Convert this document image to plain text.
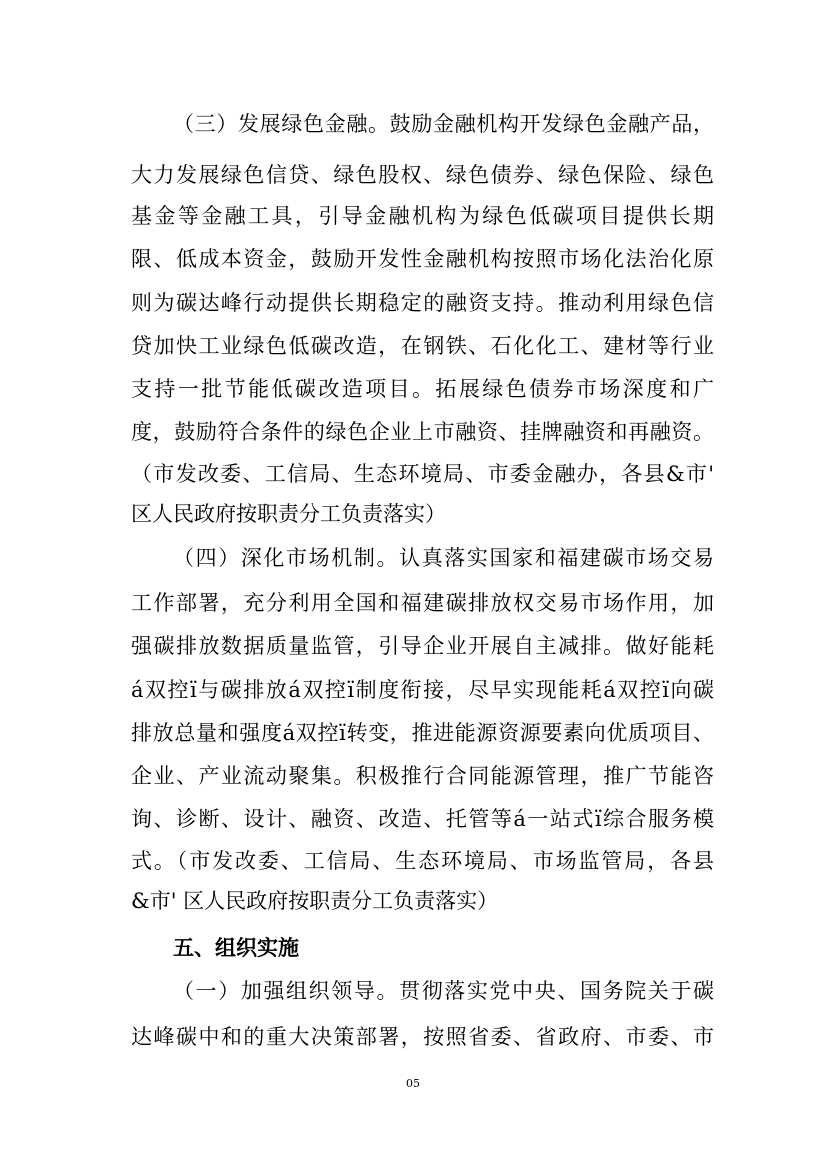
（三）发展绿色金融。鼓励金融机构开发绿色金融产品，
大力发展绿色信贷、绿色股权、绿色债券、绿色保险、绿色
基金等金融工具，引导金融机构为绿色低碳项目提供长期
限、低成本资金，鼓励开发性金融机构按照市场化法治化原
则为碳达峰行动提供长期稳定的融资支持。推动利用绿色信
贷加快工业绿色低碳改造，在钢铁、石化化工、建材等行业
支持一批节能低碳改造项目。拓展绿色债券市场深度和广
度，鼓励符合条件的绿色企业上市融资、挂牌融资和再融资。
（市发改委、工信局、生态环境局、市委金融办，各县&市'
区人民政府按职责分工负责落实）
（四）深化市场机制。认真落实国家和福建碳市场交易
工作部署，充分利用全国和福建碳排放权交易市场作用，加
强碳排放数据质量监管，引导企业开展自主减排。做好能耗
á双控ï与碳排放á双控ï制度衔接，尽早实现能耗á双控ï向碳
排放总量和强度á双控ï转变，推进能源资源要素向优质项目、
企业、产业流动聚集。积极推行合同能源管理，推广节能咨
询、诊断、设计、融资、改造、托管等á一站式ï综合服务模
式。（市发改委、工信局、生态环境局、市场监管局，各县
&市' 区人民政府按职责分工负责落实）
五、组织实施
（一）加强组织领导。贯彻落实党中央、国务院关于碳
达峰碳中和的重大决策部署，按照省委、省政府、市委、市
05
